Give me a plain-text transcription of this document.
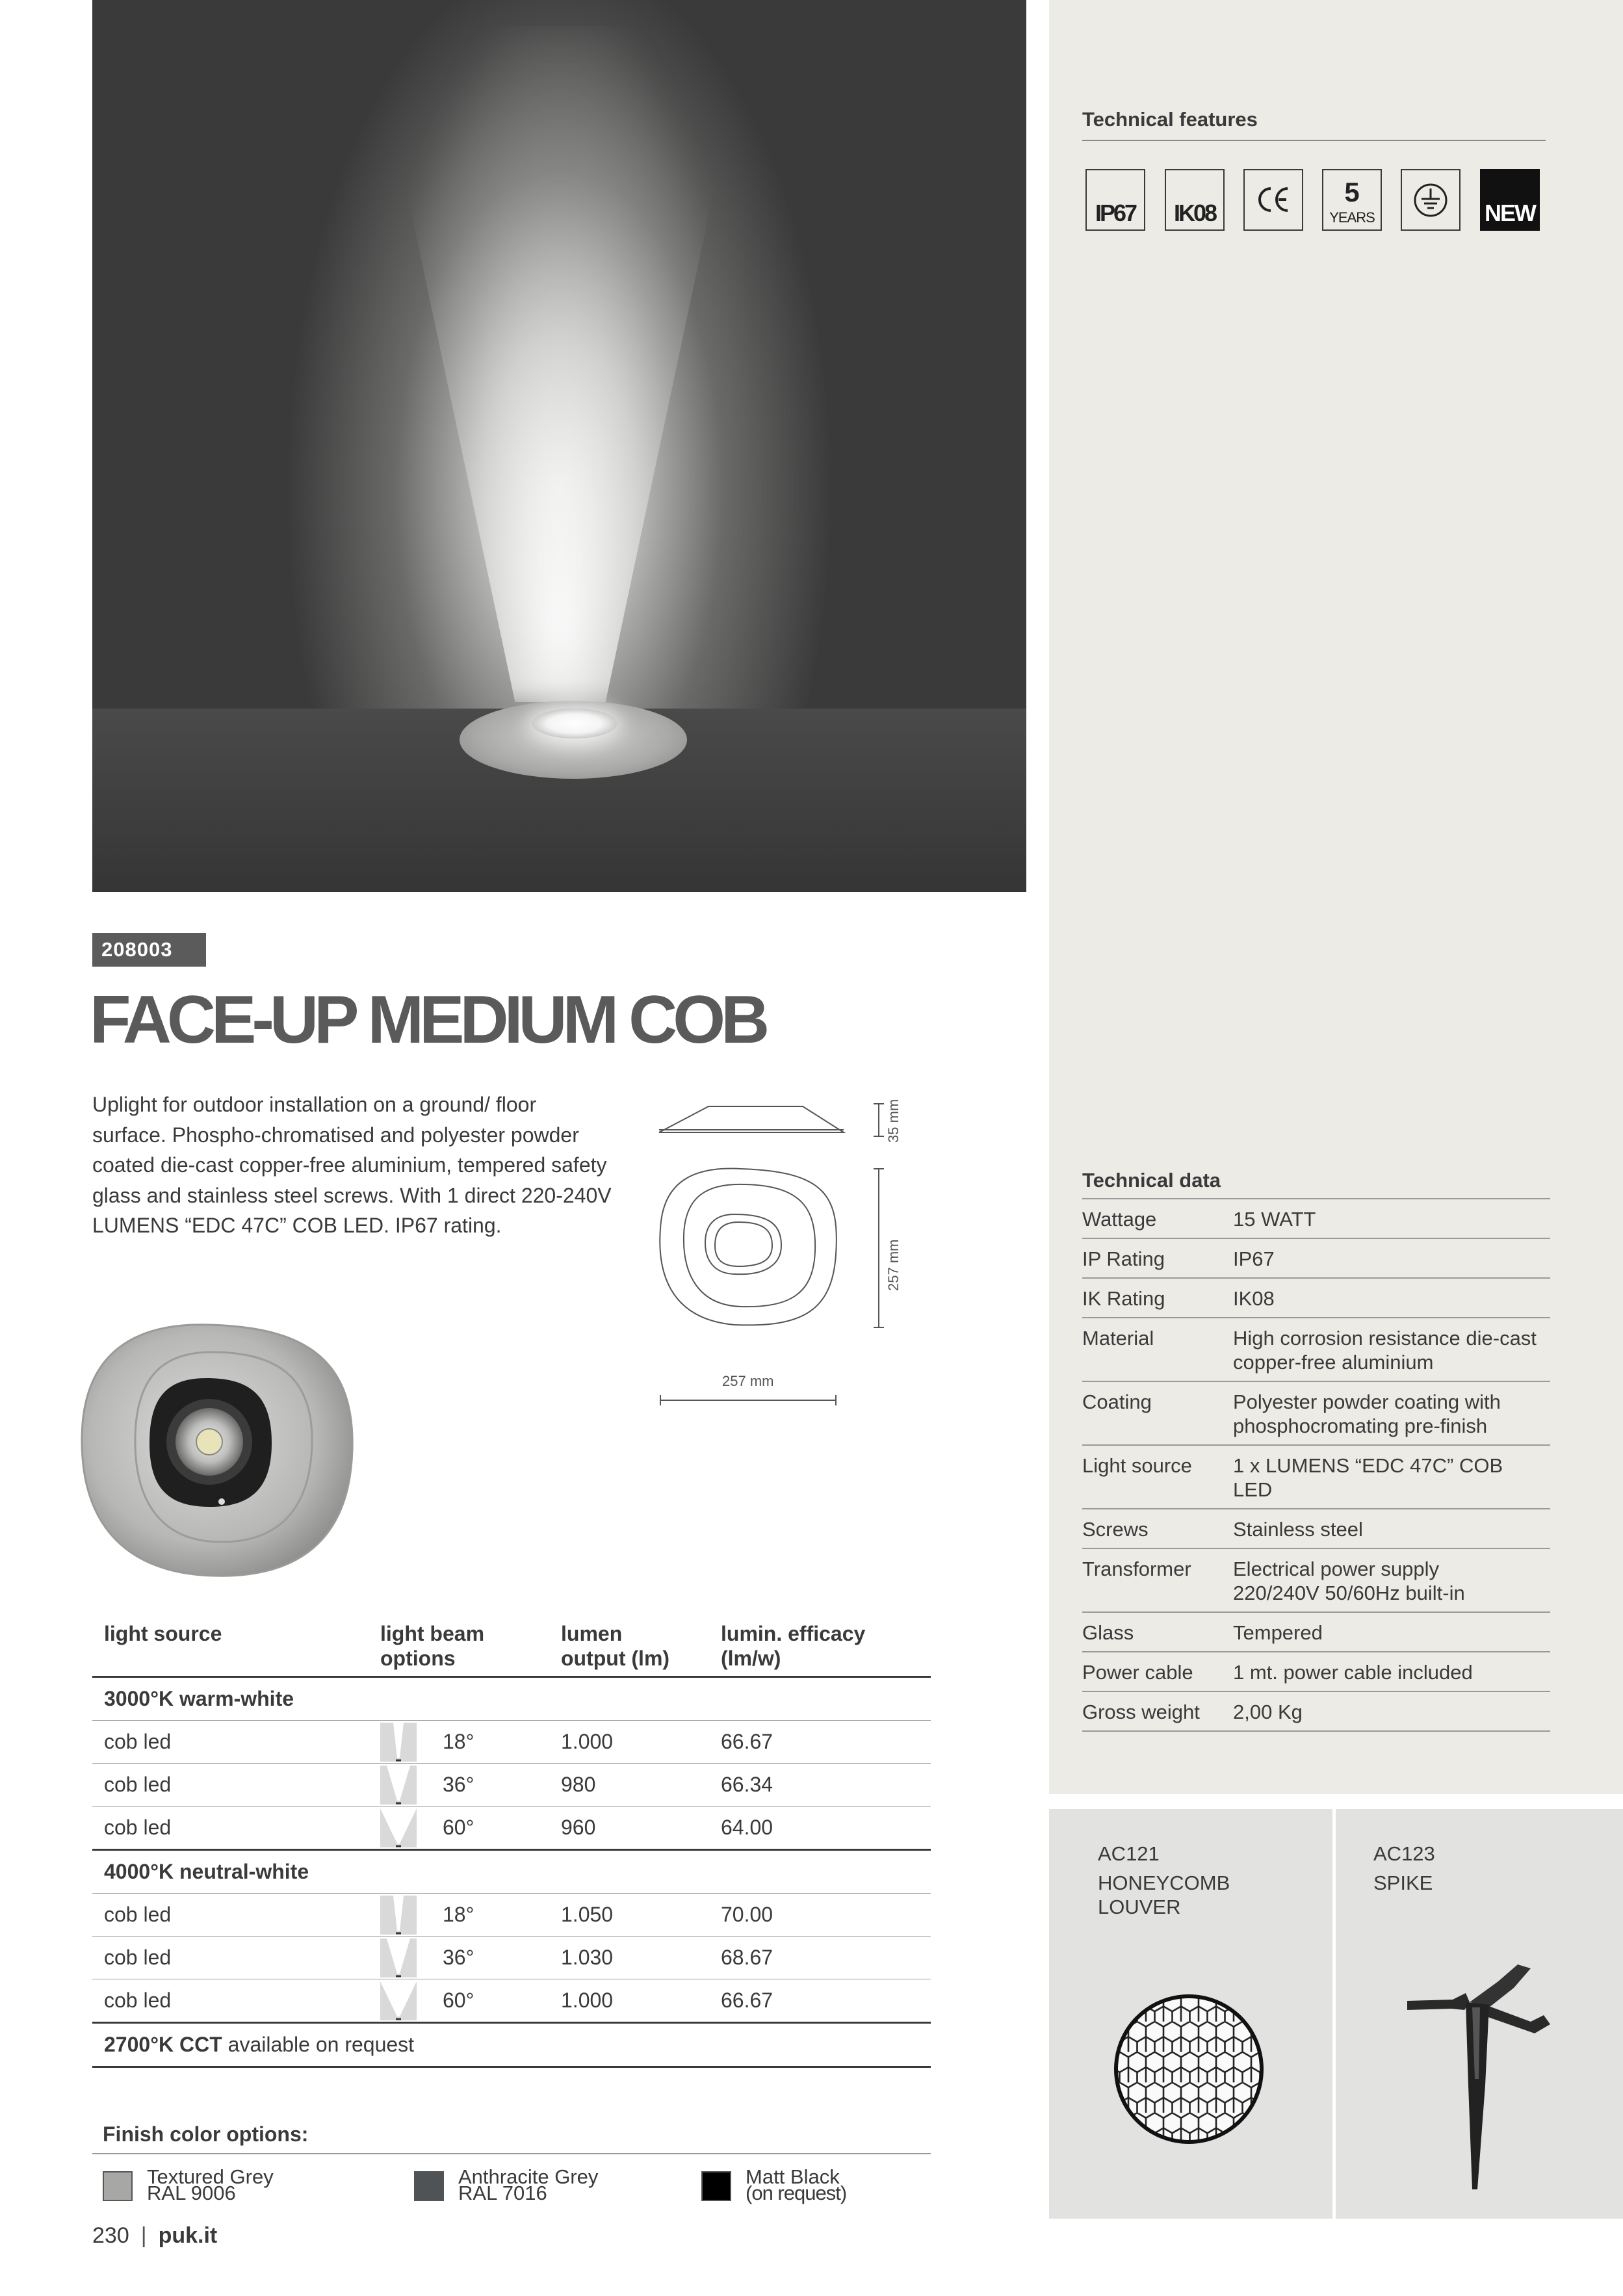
208003
FACE-UP MEDIUM COB
Uplight for outdoor installation on a ground/ floor surface. Phospho-chromatised and polyester powder coated die-cast copper-free aluminium, tempered safety glass and stainless steel screws. With 1 direct 220-240V LUMENS “EDC 47C” COB LED. IP67 rating.
35 mm
257 mm
257 mm
light source	light beam options	lumen output (lm)	lumin. efficacy (lm/w)
3000°K warm-white			
cob led	18°	1.000	66.67
cob led	36°	980	66.34
cob led	60°	960	64.00
4000°K neutral-white			
cob led	18°	1.050	70.00
cob led	36°	1.030	68.67
cob led	60°	1.000	66.67
2700°K CCT available on request			
Finish color options:
Textured Grey
RAL 9006
Anthracite Grey
RAL 7016
Matt Black
(on request)
230 | puk.it
Technical features
IP67	IK08
5
YEARS	NEW
Technical data
Wattage	15 WATT
IP Rating	IP67
IK Rating	IK08
Material	High corrosion resistance die-cast copper-free aluminium
Coating	Polyester powder coating with phosphocromating pre-finish
Light source	1 x LUMENS “EDC 47C” COB LED
Screws	Stainless steel
Transformer	Electrical power supply 220/240V 50/60Hz built-in
Glass	Tempered
Power cable	1 mt. power cable included
Gross weight	2,00 Kg
AC121
HONEYCOMB
LOUVER
AC123
SPIKE
